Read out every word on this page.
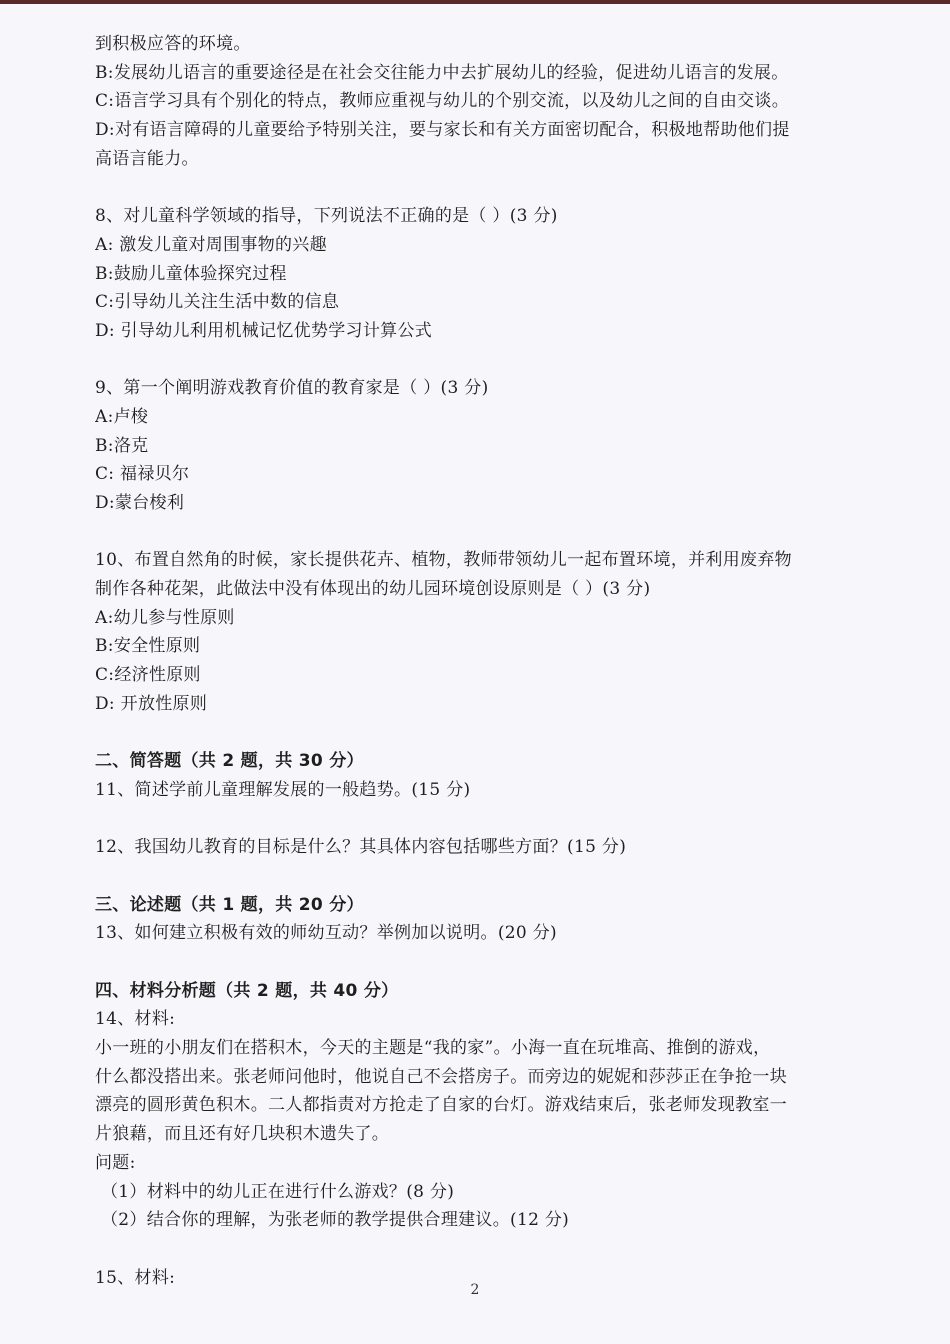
到积极应答的环境。
B:发展幼儿语言的重要途径是在社会交往能力中去扩展幼儿的经验，促进幼儿语言的发展。
C:语言学习具有个别化的特点，教师应重视与幼儿的个别交流，以及幼儿之间的自由交谈。
D:对有语言障碍的儿童要给予特别关注，要与家长和有关方面密切配合，积极地帮助他们提
高语言能力。
8、对儿童科学领域的指导，下列说法不正确的是（ ）(3 分)
A: 激发儿童对周围事物的兴趣
B:鼓励儿童体验探究过程
C:引导幼儿关注生活中数的信息
D: 引导幼儿利用机械记忆优势学习计算公式
9、第一个阐明游戏教育价值的教育家是（ ）(3 分)
A:卢梭
B:洛克
C: 福禄贝尔
D:蒙台梭利
10、布置自然角的时候，家长提供花卉、植物，教师带领幼儿一起布置环境，并利用废弃物
制作各种花架，此做法中没有体现出的幼儿园环境创设原则是（ ）(3 分)
A:幼儿参与性原则
B:安全性原则
C:经济性原则
D: 开放性原则
二、简答题（共 2 题，共 30 分）
11、简述学前儿童理解发展的一般趋势。(15 分)
12、我国幼儿教育的目标是什么？其具体内容包括哪些方面？(15 分)
三、论述题（共 1 题，共 20 分）
13、如何建立积极有效的师幼互动？举例加以说明。(20 分)
四、材料分析题（共 2 题，共 40 分）
14、材料:
小一班的小朋友们在搭积木，今天的主题是“我的家”。小海一直在玩堆高、推倒的游戏，
什么都没搭出来。张老师问他时，他说自己不会搭房子。而旁边的妮妮和莎莎正在争抢一块
漂亮的圆形黄色积木。二人都指责对方抢走了自家的台灯。游戏结束后，张老师发现教室一
片狼藉，而且还有好几块积木遗失了。
问题:
（1）材料中的幼儿正在进行什么游戏？(8 分)
（2）结合你的理解，为张老师的教学提供合理建议。(12 分)
15、材料:
2
